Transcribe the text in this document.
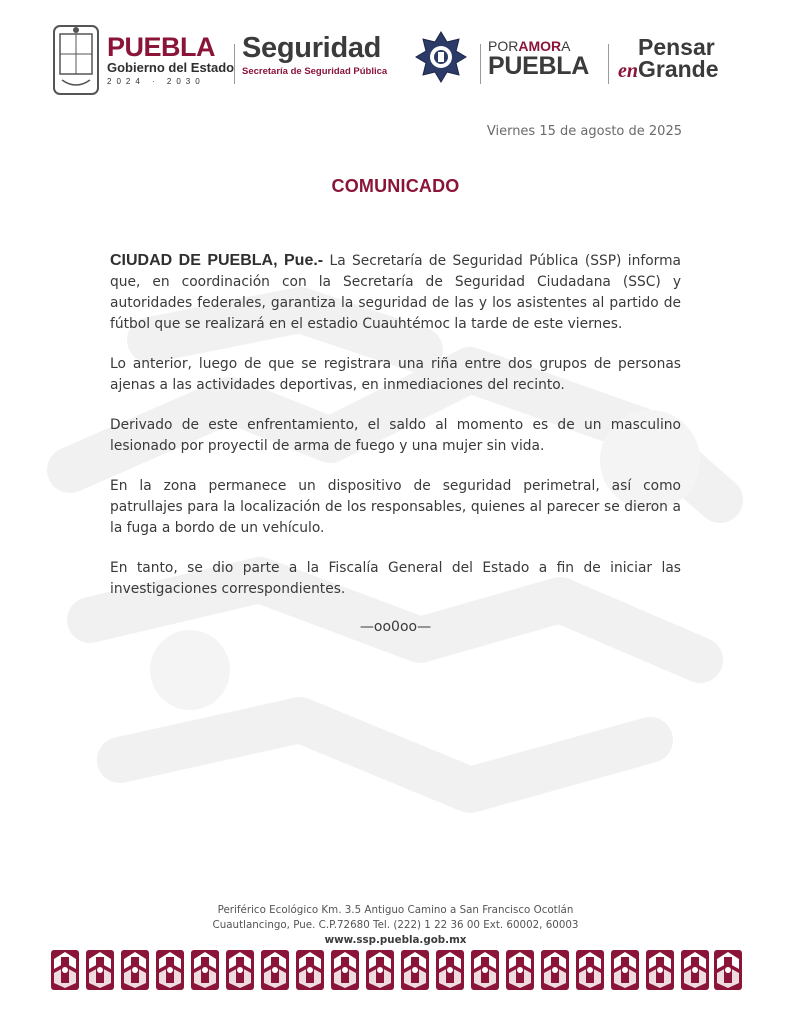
PUEBLA
Gobierno del Estado
2024 · 2030
Seguridad
Secretaría de Seguridad Pública
PORAMORA
PUEBLA
Pensar
enGrande
Viernes 15 de agosto de 2025
COMUNICADO

CIUDAD DE PUEBLA, Pue.- La Secretaría de Seguridad Pública (SSP) informa que, en coordinación con la Secretaría de Seguridad Ciudadana (SSC) y autoridades federales, garantiza la seguridad de las y los asistentes al partido de fútbol que se realizará en el estadio Cuauhtémoc la tarde de este viernes.

Lo anterior, luego de que se registrara una riña entre dos grupos de personas ajenas a las actividades deportivas, en inmediaciones del recinto.

Derivado de este enfrentamiento, el saldo al momento es de un masculino lesionado por proyectil de arma de fuego y una mujer sin vida.

En la zona permanece un dispositivo de seguridad perimetral, así como patrullajes para la localización de los responsables, quienes al parecer se dieron a la fuga a bordo de un vehículo.

En tanto, se dio parte a la Fiscalía General del Estado a fin de iniciar las investigaciones correspondientes.

—oo0oo—
Periférico Ecológico Km. 3.5 Antiguo Camino a San Francisco Ocotlán
Cuautlancingo, Pue. C.P.72680 Tel. (222) 1 22 36 00 Ext. 60002, 60003
www.ssp.puebla.gob.mx
